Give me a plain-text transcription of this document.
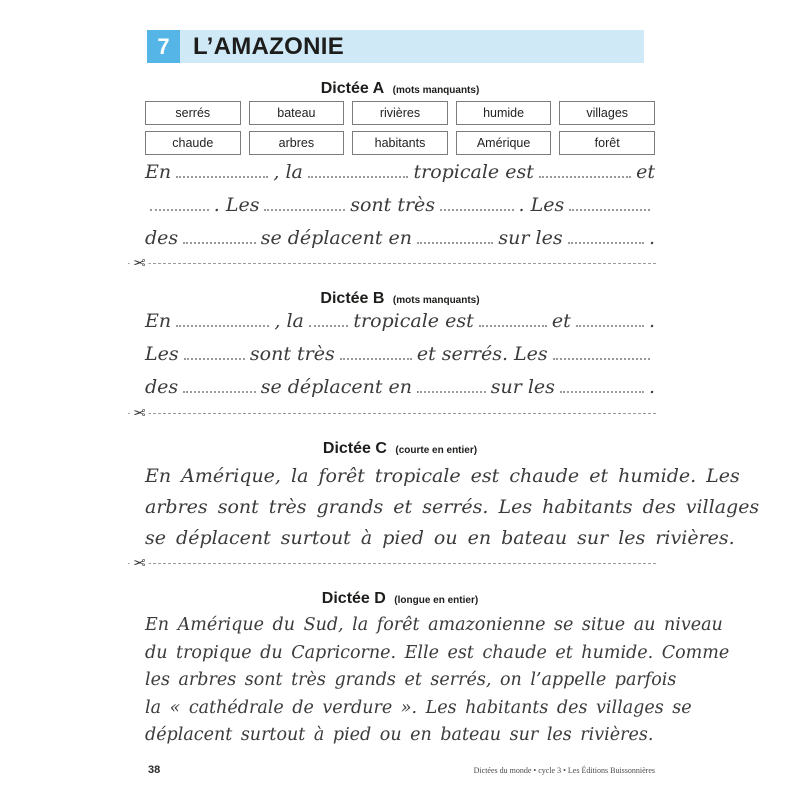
7 L’AMAZONIE
Dictée A (mots manquants)
serrés	bateau	rivières	humide	villages
chaude	arbres	habitants	Amérique	forêt
En	, la	tropicale est	et
. Les	sont très	. Les
des	se déplacent en	sur les	.
✂
Dictée B (mots manquants)
En	, la	tropicale est	et	.
Les	sont très	et serrés. Les
des	se déplacent en	sur les	.
✂
Dictée C (courte en entier)
En Amérique, la forêt tropicale est chaude et humide. Les
arbres sont très grands et serrés. Les habitants des villages
se déplacent surtout à pied ou en bateau sur les rivières.
✂
Dictée D (longue en entier)
En Amérique du Sud, la forêt amazonienne se situe au niveau
du tropique du Capricorne. Elle est chaude et humide. Comme
les arbres sont très grands et serrés, on l’appelle parfois
la « cathédrale de verdure ». Les habitants des villages se
déplacent surtout à pied ou en bateau sur les rivières.
38	Dictées du monde • cycle 3 • Les Éditions Buissonnières
